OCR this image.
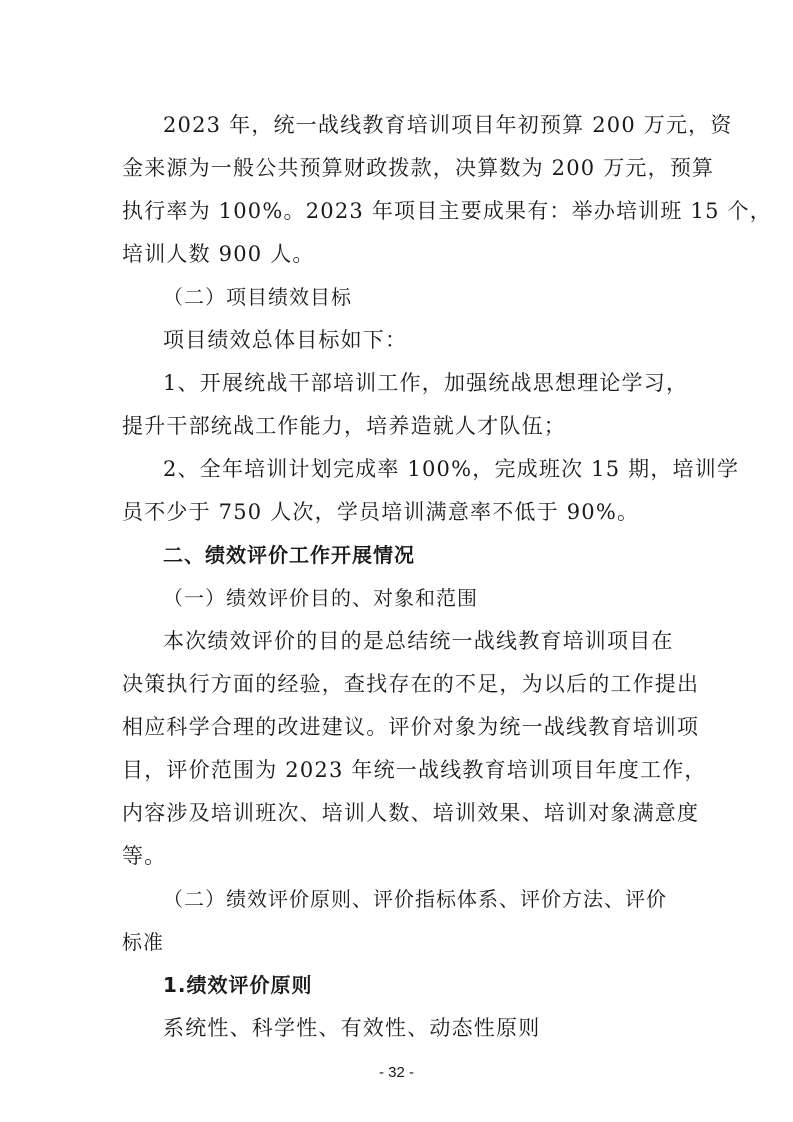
2023 年，统一战线教育培训项目年初预算 200 万元，资
金来源为一般公共预算财政拨款，决算数为 200 万元，预算
执行率为 100%。2023 年项目主要成果有：举办培训班 15 个，
培训人数 900 人。
（二）项目绩效目标
项目绩效总体目标如下：
1、开展统战干部培训工作，加强统战思想理论学习，
提升干部统战工作能力，培养造就人才队伍；
2、全年培训计划完成率 100%，完成班次 15 期，培训学
员不少于 750 人次，学员培训满意率不低于 90%。
二、绩效评价工作开展情况
（一）绩效评价目的、对象和范围
本次绩效评价的目的是总结统一战线教育培训项目在
决策执行方面的经验，查找存在的不足，为以后的工作提出
相应科学合理的改进建议。评价对象为统一战线教育培训项
目，评价范围为 2023 年统一战线教育培训项目年度工作，
内容涉及培训班次、培训人数、培训效果、培训对象满意度
等。
（二）绩效评价原则、评价指标体系、评价方法、评价
标准
1.绩效评价原则
系统性、科学性、有效性、动态性原则
- 32 -
